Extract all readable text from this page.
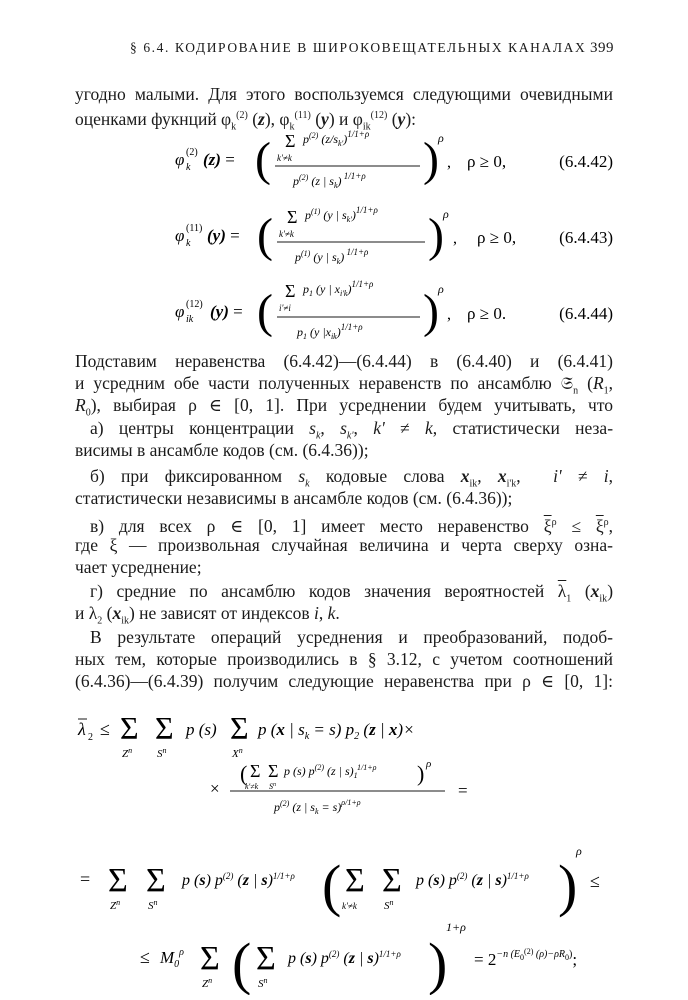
§ 6.4. КОДИРОВАНИЕ В ШИРОКОВЕЩАТЕЛЬНЫХ КАНАЛАХ 399
угодно малыми. Для этого воспользуемся следующими очевидными
оценками фукнций $\varphi_k^{(2)}$ (z), $\varphi_k^{(11)}$ (y) и $\varphi_{ik}^{(12)}$ (y):
φ k
(2) (z) = ( Σ
k'≠k
$p^{(2)}$ $(z/s_{k'})^{1/1+\rho}$
$p^{(2)}$ (z | $s_k$) $^{1/1+\rho}$ ) ρ
, ρ ≥ 0,	(6.4.42)
φ k
(11) (y) = ( Σ
k'≠k
$p^{(1)}$ (y | $s_{k'})^{1/1+\rho}$
$p^{(1)}$ (y | $s_k$) $^{1/1+\rho}$ ) ρ
, ρ ≥ 0,	(6.4.43)
φ ik
(12) (y) = ( Σ
i'≠i
$p_1$ (y | $x_{i'k})^{1/1+\rho}$
$p_1$ (y $|x_{ik})^{1/1+\rho}$ ) ρ
, ρ ≥ 0.	(6.4.44)
Подставим неравенства (6.4.42)—(6.4.44) в (6.4.40) и (6.4.41)
и усредним обе части полученных неравенств по ансамблю 𝔖$_n$ ($R_1$,
$R_0$), выбирая ρ ∈ [0, 1]. При усреднении будем учитывать, что
а) центры концентрации $s_k$, $s_{k'}$, k' ≠ k, статистически неза-
висимы в ансамбле кодов (см. (6.4.36));
б) при фиксированном $s_k$ кодовые слова $x_{ik}$, $x_{i'k}$,  i' ≠ i,
статистически независимы в ансамбле кодов (см. (6.4.36));
в) для всех ρ ∈ [0, 1] имеет место неравенство $\overline{\xi}^\rho \le \overline{\xi}^\rho$,
где ξ — произвольная случайная величина и черта сверху озна-
чает усреднение;
г) средние по ансамблю кодов значения вероятностей $\overline{\lambda}_1$ $(x_{ik})$
и $\lambda_2$ $(x_{ik})$ не зависят от индексов i, k.
В результате операций усреднения и преобразований, подоб-
ных тем, которые производились в § 3.12, с учетом соотношений
(6.4.36)—(6.4.39) получим следующие неравенства при ρ ∈ [0, 1]:
λ 2 ≤ Σ
$Z^n$
Σ
$S^n$
p (s) Σ
$X^n$
p (x | $s_k = s$) $p_2$ (z | x)×
×
( Σ
k'≠k
Σ
$S^n$
p (s) $p^{(2)}$ (z | $s)_1^{1/1+\rho}$ ) ρ
$p^{(2)}$ (z | $s_k = s)^{\rho/1+\rho}$
=
= Σ
$Z^n$
Σ
$S^n$
p (s) $p^{(2)}$ (z | s)$^{1/1+\rho}$ ( Σ
k'≠k
Σ
$S^n$
p (s) $p^{(2)}$ (z | s)$^{1/1+\rho}$ )
ρ
≤
≤ $M_0^\rho$ Σ
$Z^n$ ( Σ
$S^n$
p (s) $p^{(2)}$ (z | s)$^{1/1+\rho}$ )
1+ρ
= $2^{-n (E}0^{(2)}$ (ρ)−ρR0);
